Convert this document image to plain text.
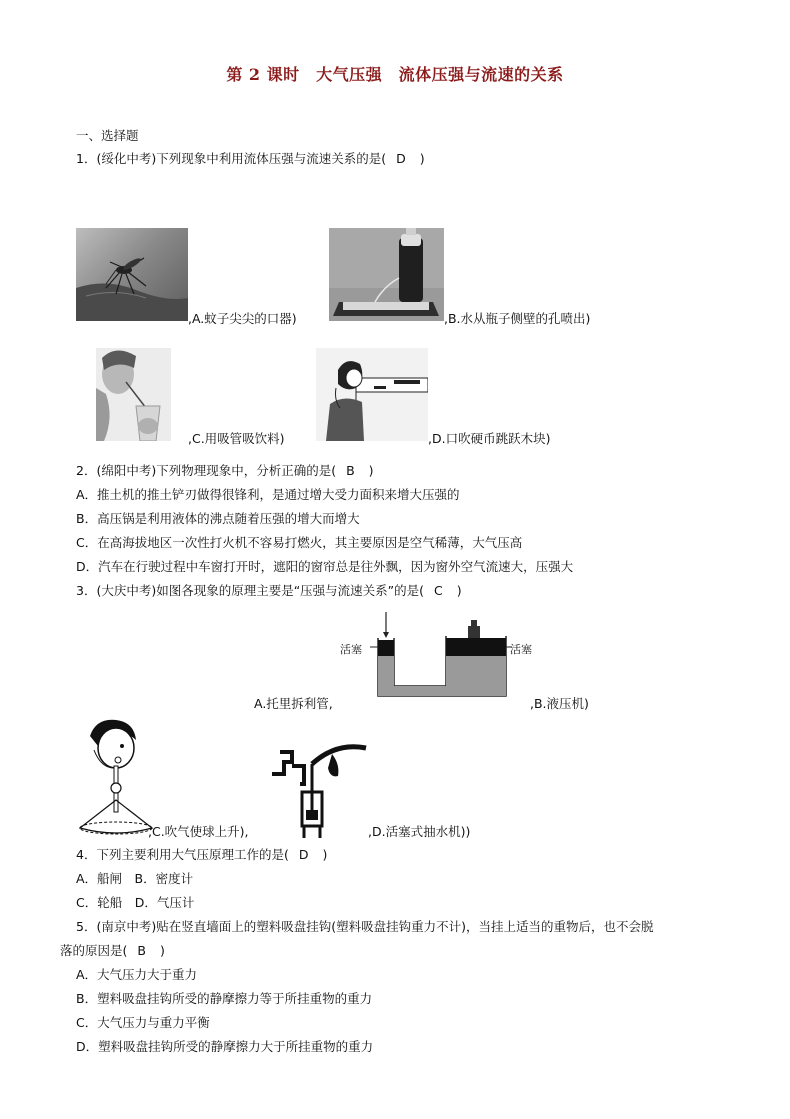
第 2 课时　大气压强　流体压强与流速的关系
一、选择题
1．(绥化中考)下列现象中利用流体压强与流速关系的是( D )
,A.蚊子尖尖的口器)	,B.水从瓶子侧壁的孔喷出)
,C.用吸管吸饮料)	,D.口吹硬币跳跃木块)
2．(绵阳中考)下列物理现象中，分析正确的是( B )
A．推土机的推土铲刃做得很锋利，是通过增大受力面积来增大压强的
B．高压锅是利用液体的沸点随着压强的增大而增大
C．在高海拔地区一次性打火机不容易打燃火，其主要原因是空气稀薄，大气压高
D．汽车在行驶过程中车窗打开时，遮阳的窗帘总是往外飘，因为窗外空气流速大，压强大
3．(大庆中考)如图各现象的原理主要是“压强与流速关系”的是( C )
活塞	活塞
A.托里拆利管,	,B.液压机)
,C.吹气使球上升),	,D.活塞式抽水机))
4．下列主要利用大气压原理工作的是( D )
A．船闸　B．密度计
C．轮船　D．气压计
5．(南京中考)贴在竖直墙面上的塑料吸盘挂钩(塑料吸盘挂钩重力不计)，当挂上适当的重物后，也不会脱
落的原因是( B )
A．大气压力大于重力
B．塑料吸盘挂钩所受的静摩擦力等于所挂重物的重力
C．大气压力与重力平衡
D．塑料吸盘挂钩所受的静摩擦力大于所挂重物的重力
